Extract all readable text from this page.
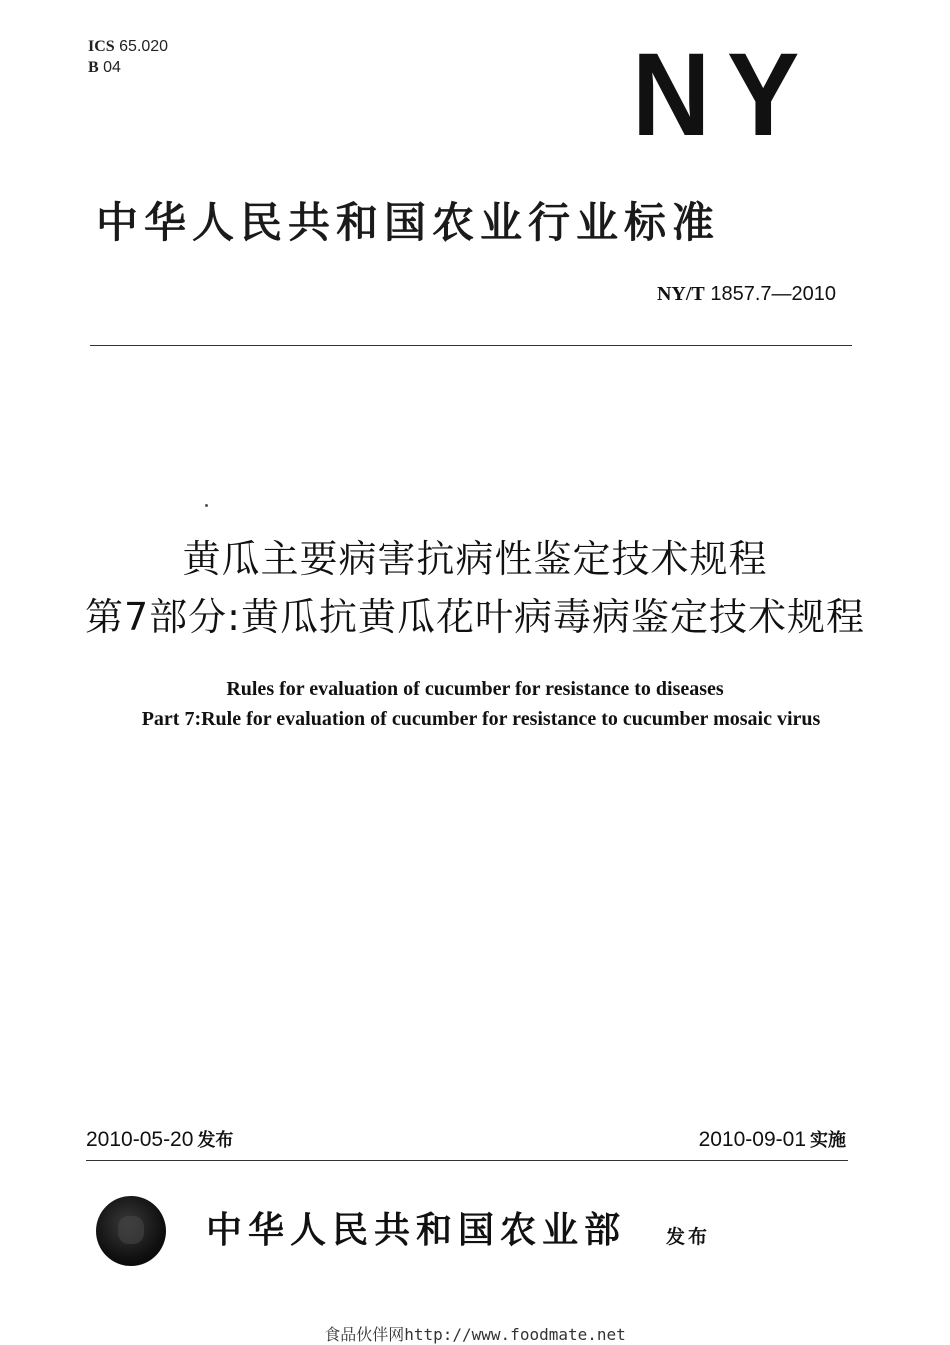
ICS 65.020
B 04	NY
中华人民共和国农业行业标准
NY/T 1857.7—2010
黄瓜主要病害抗病性鉴定技术规程
第7部分:黄瓜抗黄瓜花叶病毒病鉴定技术规程
Rules for evaluation of cucumber for resistance to diseases
Part 7:Rule for evaluation of cucumber for resistance to cucumber mosaic virus
2010-05-20 发布	2010-09-01 实施
中华人民共和国农业部 发布
食品伙伴网http://www.foodmate.net
